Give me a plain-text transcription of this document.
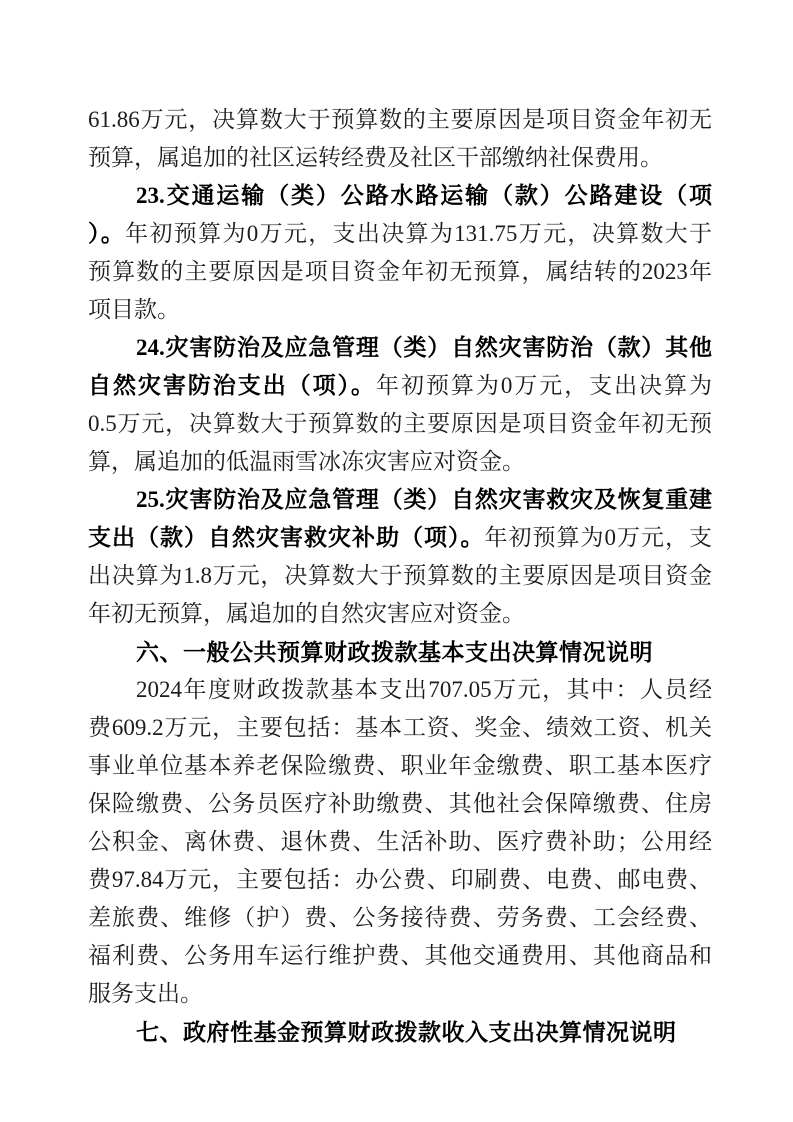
61.86万元，决算数大于预算数的主要原因是项目资金年初无
预算，属追加的社区运转经费及社区干部缴纳社保费用。
23.交通运输（类）公路水路运输（款）公路建设（项
）。年初预算为0万元，支出决算为131.75万元，决算数大于
预算数的主要原因是项目资金年初无预算，属结转的2023年
项目款。
24.灾害防治及应急管理（类）自然灾害防治（款）其他
自然灾害防治支出（项）。年初预算为0万元，支出决算为
0.5万元，决算数大于预算数的主要原因是项目资金年初无预
算，属追加的低温雨雪冰冻灾害应对资金。
25.灾害防治及应急管理（类）自然灾害救灾及恢复重建
支出（款）自然灾害救灾补助（项）。年初预算为0万元，支
出决算为1.8万元，决算数大于预算数的主要原因是项目资金
年初无预算，属追加的自然灾害应对资金。
六、一般公共预算财政拨款基本支出决算情况说明
2024年度财政拨款基本支出707.05万元，其中：人员经
费609.2万元，主要包括：基本工资、奖金、绩效工资、机关
事业单位基本养老保险缴费、职业年金缴费、职工基本医疗
保险缴费、公务员医疗补助缴费、其他社会保障缴费、住房
公积金、离休费、退休费、生活补助、医疗费补助；公用经
费97.84万元，主要包括：办公费、印刷费、电费、邮电费、
差旅费、维修（护）费、公务接待费、劳务费、工会经费、
福利费、公务用车运行维护费、其他交通费用、其他商品和
服务支出。
七、政府性基金预算财政拨款收入支出决算情况说明
